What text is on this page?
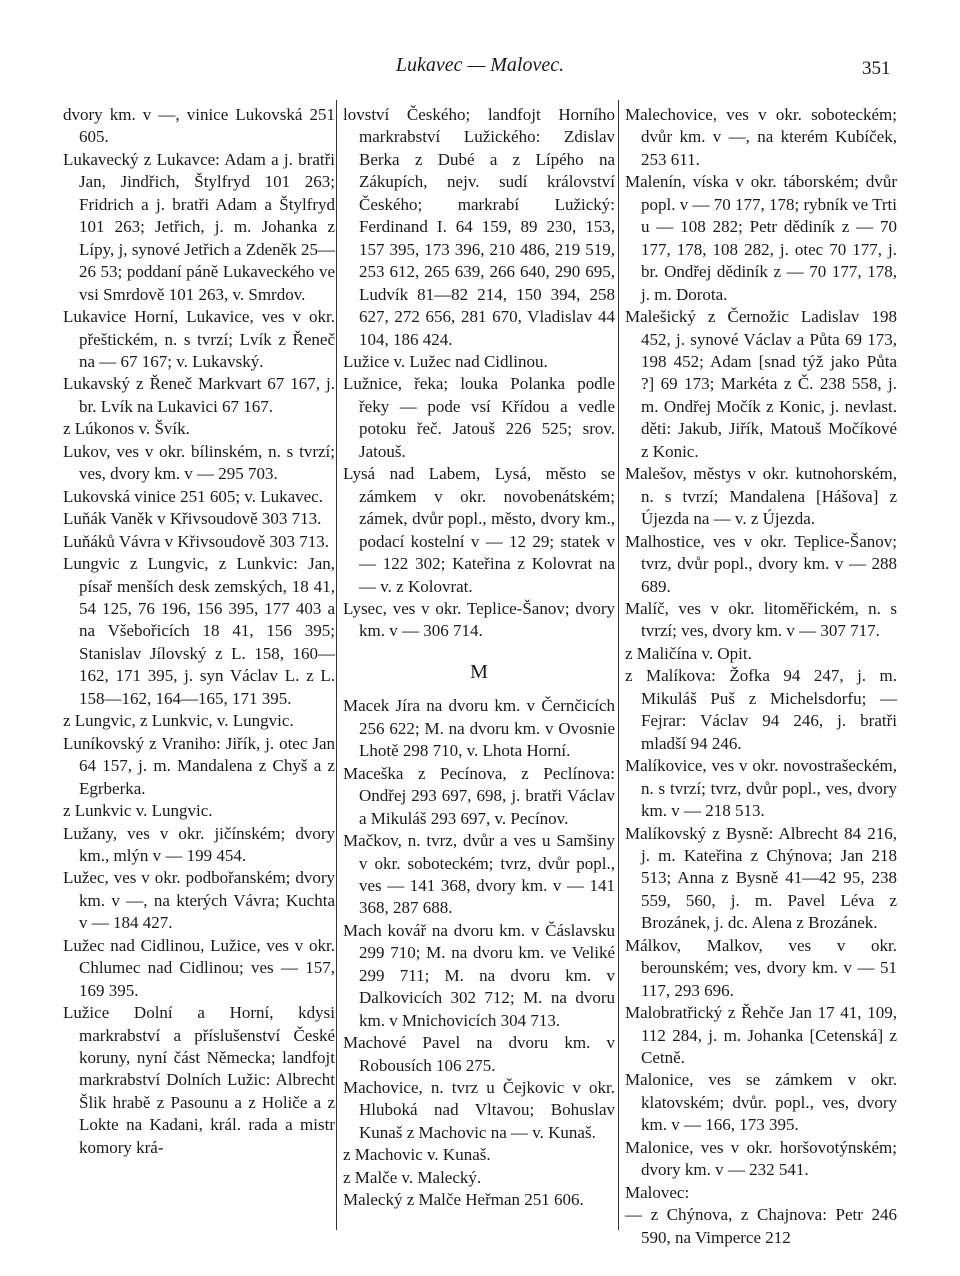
Lukavec — Malovec.	351

dvory km. v —, vinice Lukovská 251 605.

Lukavecký z Lukavce: Adam a j. bratři Jan, Jindřich, Štylfryd 101 263; Fridrich a j. bratři Adam a Štylfryd 101 263; Jetřich, j. m. Johanka z Lípy, j, synové Jetřich a Zdeněk 25—26 53; poddaní páně Lukaveckého ve vsi Smrdově 101 263, v. Smrdov.

Lukavice Horní, Lukavice, ves v okr. přeštickém, n. s tvrzí; Lvík z Řeneč na — 67 167; v. Lukavský.

Lukavský z Řeneč Markvart 67 167, j. br. Lvík na Lukavici 67 167.

z Lúkonos v. Švík.

Lukov, ves v okr. bílinském, n. s tvrzí; ves, dvory km. v — 295 703.

Lukovská vinice 251 605; v. Lukavec.

Luňák Vaněk v Křivsoudově 303 713.

Luňáků Vávra v Křivsoudově 303 713.

Lungvic z Lungvic, z Lunkvic: Jan, písař menších desk zemských, 18 41, 54 125, 76 196, 156 395, 177 403 a na Všebořicích 18 41, 156 395; Stanislav Jílovský z L. 158, 160—162, 171 395, j. syn Václav L. z L. 158—162, 164—165, 171 395.

z Lungvic, z Lunkvic, v. Lungvic.

Luníkovský z Vraniho: Jiřík, j. otec Jan 64 157, j. m. Mandalena z Chyš a z Egrberka.

z Lunkvic v. Lungvic.

Lužany, ves v okr. jičínském; dvory km., mlýn v — 199 454.

Lužec, ves v okr. podbořanském; dvory km. v —, na kterých Vávra; Kuchta v — 184 427.

Lužec nad Cidlinou, Lužice, ves v okr. Chlumec nad Cidlinou; ves — 157, 169 395.

Lužice Dolní a Horní, kdysi markrabství a příslušenství České koruny, nyní část Německa; landfojt markrabství Dolních Lužic: Albrecht Šlik hrabě z Pasounu a z Holiče a z Lokte na Kadani, král. rada a mistr komory krá-

lovství Českého; landfojt Horního markrabství Lužického: Zdislav Berka z Dubé a z Lípého na Zákupích, nejv. sudí království Českého; markrabí Lužický: Ferdinand I. 64 159, 89 230, 153, 157 395, 173 396, 210 486, 219 519, 253 612, 265 639, 266 640, 290 695, Ludvík 81—82 214, 150 394, 258 627, 272 656, 281 670, Vladislav 44 104, 186 424.

Lužice v. Lužec nad Cidlinou.

Lužnice, řeka; louka Polanka podle řeky — pode vsí Křídou a vedle potoku řeč. Jatouš 226 525; srov. Jatouš.

Lysá nad Labem, Lysá, město se zámkem v okr. novobenátském; zámek, dvůr popl., město, dvory km., podací kostelní v — 12 29; statek v — 122 302; Kateřina z Kolovrat na — v. z Kolovrat.

Lysec, ves v okr. Teplice-Šanov; dvory km. v — 306 714.

M

Macek Jíra na dvoru km. v Černčicích 256 622; M. na dvoru km. v Ovosnie Lhotě 298 710, v. Lhota Horní.

Maceška z Pecínova, z Peclínova: Ondřej 293 697, 698, j. bratři Václav a Mikuláš 293 697, v. Pecínov.

Mačkov, n. tvrz, dvůr a ves u Samšiny v okr. soboteckém; tvrz, dvůr popl., ves — 141 368, dvory km. v — 141 368, 287 688.

Mach kovář na dvoru km. v Čáslavsku 299 710; M. na dvoru km. ve Veliké 299 711; M. na dvoru km. v Dalkovicích 302 712; M. na dvoru km. v Mnichovicích 304 713.

Machové Pavel na dvoru km. v Robousích 106 275.

Machovice, n. tvrz u Čejkovic v okr. Hluboká nad Vltavou; Bohuslav Kunaš z Machovic na — v. Kunaš.

z Machovic v. Kunaš.

z Malče v. Malecký.

Malecký z Malče Heřman 251 606.

Malechovice, ves v okr. soboteckém; dvůr km. v —, na kterém Kubíček, 253 611.

Malenín, víska v okr. táborském; dvůr popl. v — 70 177, 178; rybník ve Trti u — 108 282; Petr dědiník z — 70 177, 178, 108 282, j. otec 70 177, j. br. Ondřej dědiník z — 70 177, 178, j. m. Dorota.

Malešický z Černožic Ladislav 198 452, j. synové Václav a Půta 69 173, 198 452; Adam [snad týž jako Půta ?] 69 173; Markéta z Č. 238 558, j. m. Ondřej Močík z Konic, j. nevlast. děti: Jakub, Jiřík, Matouš Močíkové z Konic.

Malešov, městys v okr. kutnohorském, n. s tvrzí; Mandalena [Hášova] z Újezda na — v. z Újezda.

Malhostice, ves v okr. Teplice-Šanov; tvrz, dvůr popl., dvory km. v — 288 689.

Malíč, ves v okr. litoměřickém, n. s tvrzí; ves, dvory km. v — 307 717.

z Maličína v. Opit.

z Malíkova: Žofka 94 247, j. m. Mikuláš Puš z Michelsdorfu; — Fejrar: Václav 94 246, j. bratři mladší 94 246.

Malíkovice, ves v okr. novostrašeckém, n. s tvrzí; tvrz, dvůr popl., ves, dvory km. v — 218 513.

Malíkovský z Bysně: Albrecht 84 216, j. m. Kateřina z Chýnova; Jan 218 513; Anna z Bysně 41—42 95, 238 559, 560, j. m. Pavel Léva z Brozánek, j. dc. Alena z Brozánek.

Málkov, Malkov, ves v okr. berounském; ves, dvory km. v — 51 117, 293 696.

Malobratřický z Řehče Jan 17 41, 109, 112 284, j. m. Johanka [Cetenská] z Cetně.

Malonice, ves se zámkem v okr. klatovském; dvůr. popl., ves, dvory km. v — 166, 173 395.

Malonice, ves v okr. horšovotýnském; dvory km. v — 232 541.

Malovec:

— z Chýnova, z Chajnova: Petr 246 590, na Vimperce 212
